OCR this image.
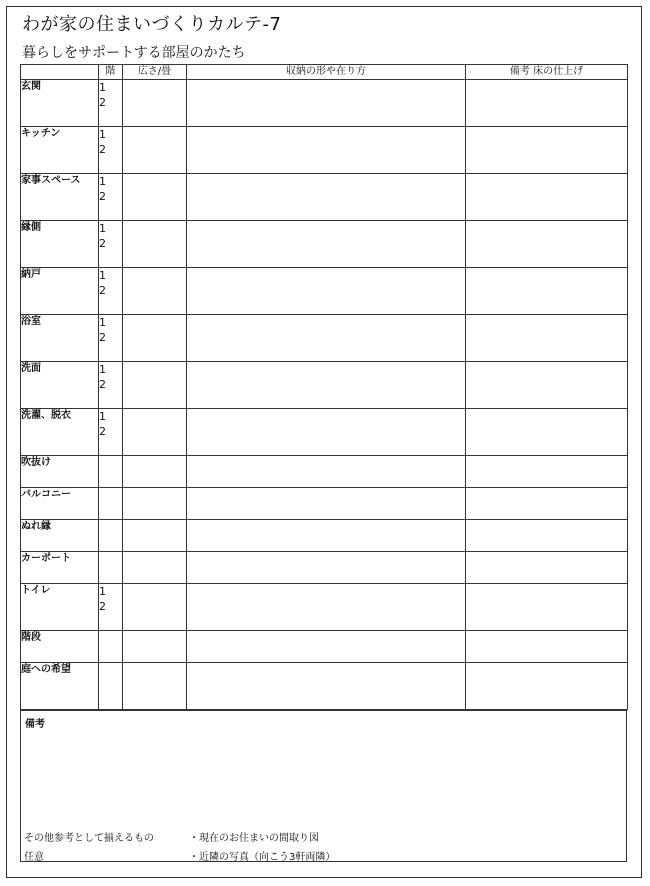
わが家の住まいづくりカルテ-7
暮らしをサポートする部屋のかたち
	階	広さ/畳	収納の形や在り方	備考 床の仕上げ
玄関	1
2			

キッチン	1
2			

家事スペース	1
2			

縁側	1
2			

納戸	1
2			

浴室	1
2			

洗面	1
2			

洗濯、脱衣	1
2			

吹抜け				
バルコニー				
ぬれ縁				
カーポート				
トイレ	1
2			

階段				
庭への希望				
備考
その他参考として揃えるもの
任意
・現在のお住まいの間取り図
・近隣の写真（向こう3軒両隣）
